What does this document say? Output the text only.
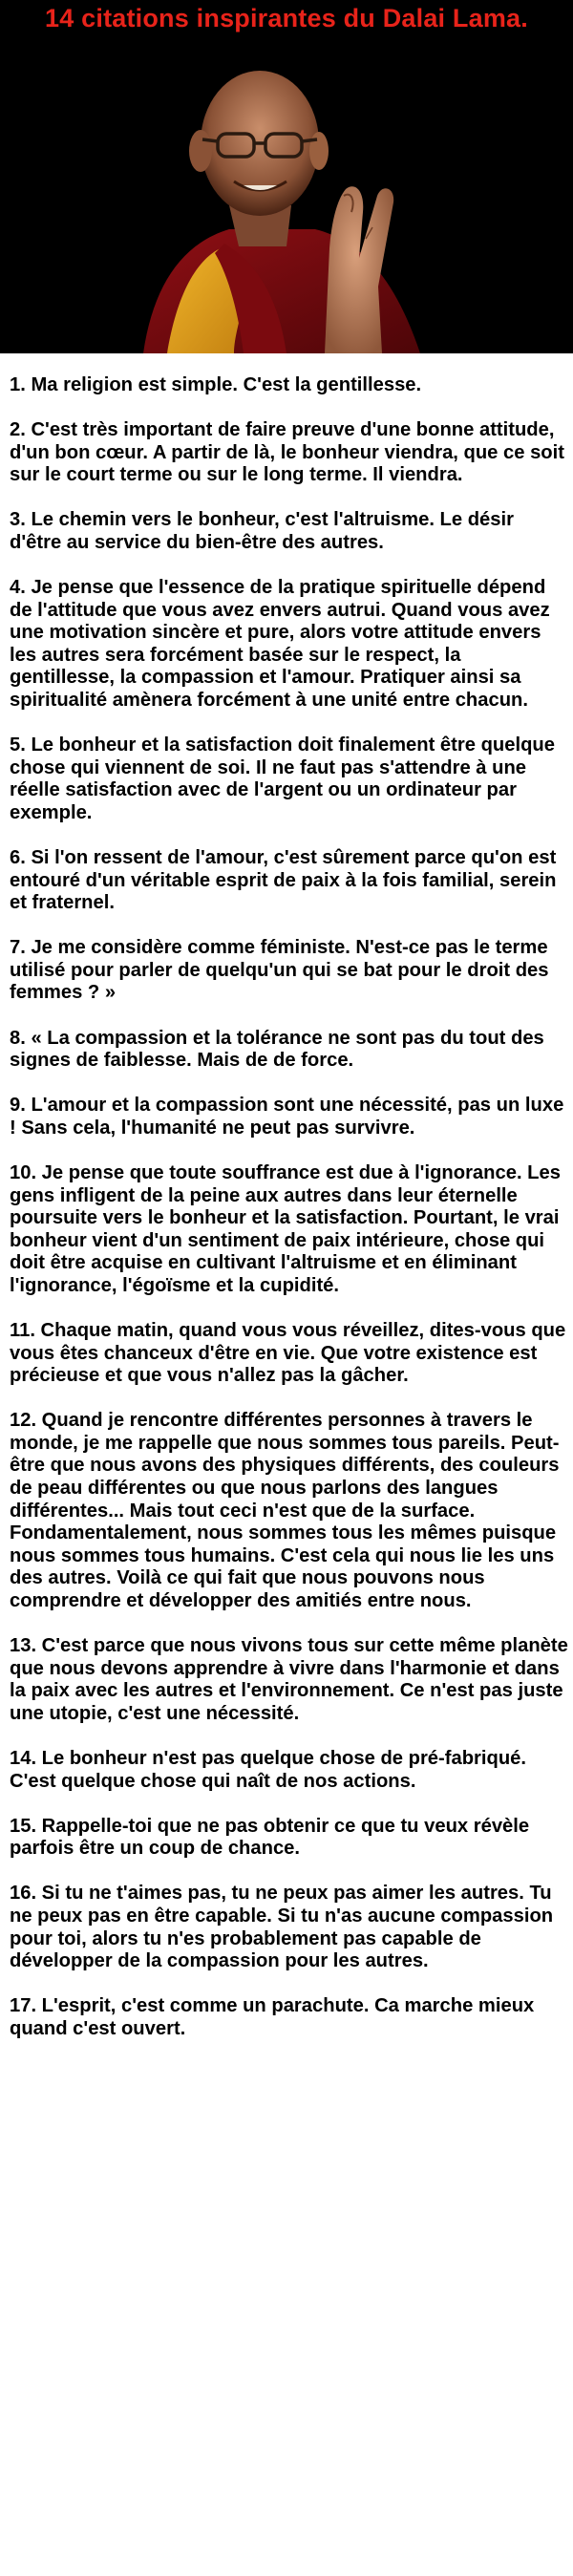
14 citations inspirantes du Dalai Lama.

1. Ma religion est simple. C'est la gentillesse.

2. C'est très important de faire preuve d'une bonne attitude, d'un bon cœur. A partir de là, le bonheur viendra, que ce soit sur le court terme ou sur le long terme. Il viendra.

3. Le chemin vers le bonheur, c'est l'altruisme. Le désir d'être au service du bien-être des autres.

4. Je pense que l'essence de la pratique spirituelle dépend de l'attitude que vous avez envers autrui. Quand vous avez une motivation sincère et pure, alors votre attitude envers les autres sera forcément basée sur le respect, la gentillesse, la compassion et l'amour. Pratiquer ainsi sa spiritualité amènera forcément à une unité entre chacun.

5. Le bonheur et la satisfaction doit finalement être quelque chose qui viennent de soi. Il ne faut pas s'attendre à une réelle satisfaction avec de l'argent ou un ordinateur par exemple.

6. Si l'on ressent de l'amour, c'est sûrement parce qu'on est entouré d'un véritable esprit de paix à la fois familial, serein et fraternel.

7. Je me considère comme féministe. N'est-ce pas le terme utilisé pour parler de quelqu'un qui se bat pour le droit des femmes ? »

8. « La compassion et la tolérance ne sont pas du tout des signes de faiblesse. Mais de de force.

9. L'amour et la compassion sont une nécessité, pas un luxe ! Sans cela, l'humanité ne peut pas survivre.

10. Je pense que toute souffrance est due à l'ignorance. Les gens infligent de la peine aux autres dans leur éternelle poursuite vers le bonheur et la satisfaction. Pourtant, le vrai bonheur vient d'un sentiment de paix intérieure, chose qui doit être acquise en cultivant l'altruisme et en éliminant l'ignorance, l'égoïsme et la cupidité.

11. Chaque matin, quand vous vous réveillez, dites-vous que vous êtes chanceux d'être en vie. Que votre existence est précieuse et que vous n'allez pas la gâcher.

12. Quand je rencontre différentes personnes à travers le monde, je me rappelle que nous sommes tous pareils. Peut-être que nous avons des physiques différents, des couleurs de peau différentes ou que nous parlons des langues différentes... Mais tout ceci n'est que de la surface. Fondamentalement, nous sommes tous les mêmes puisque nous sommes tous humains. C'est cela qui nous lie les uns des autres. Voilà ce qui fait que nous pouvons nous comprendre et développer des amitiés entre nous.

13. C'est parce que nous vivons tous sur cette même planète que nous devons apprendre à vivre dans l'harmonie et dans la paix avec les autres et l'environnement. Ce n'est pas juste une utopie, c'est une nécessité.

14. Le bonheur n'est pas quelque chose de pré-fabriqué. C'est quelque chose qui naît de nos actions.

15. Rappelle-toi que ne pas obtenir ce que tu veux révèle parfois être un coup de chance.

16. Si tu ne t'aimes pas, tu ne peux pas aimer les autres. Tu ne peux pas en être capable. Si tu n'as aucune compassion pour toi, alors tu n'es probablement pas capable de développer de la compassion pour les autres.

17. L'esprit, c'est comme un parachute. Ca marche mieux quand c'est ouvert.
